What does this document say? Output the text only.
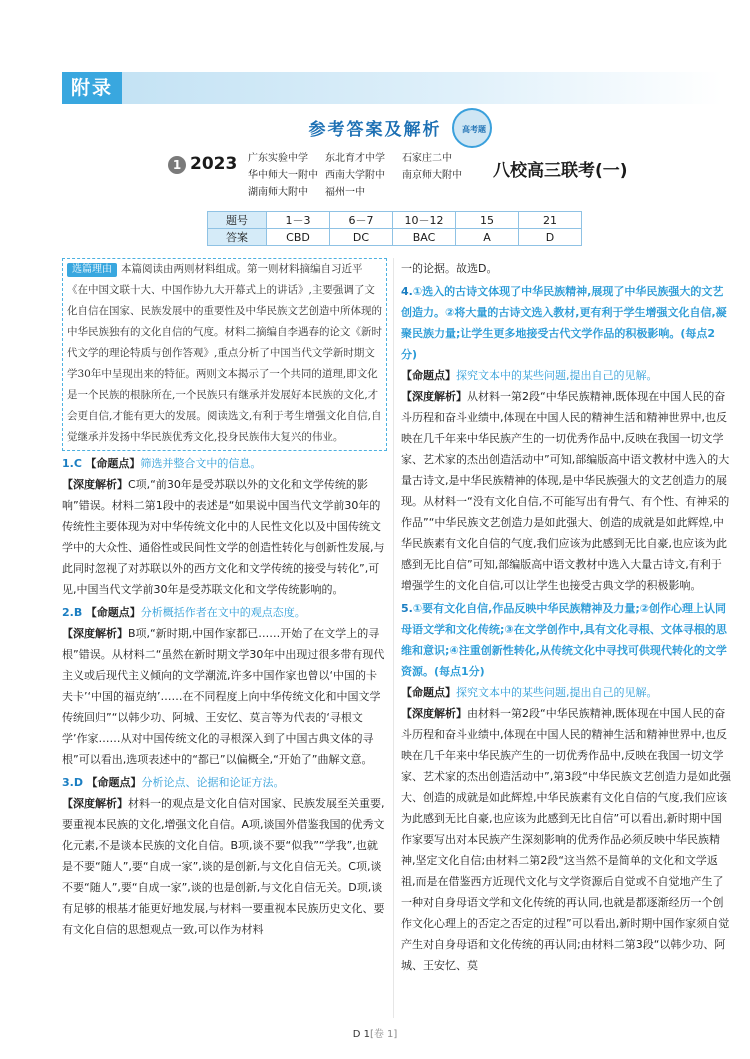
附录
参考答案及解析	高考题
1 2023 广东实验中学	东北育才中学	石家庄二中
华中师大一附中 西南大学附中	南京师大附中
湖南师大附中	福州一中
八校高三联考(一)
题号	1－3	6－7	10－12	15	21
答案	CBD	DC	BAC	A	D
选篇理由 本篇阅读由两则材料组成。第一则材料摘编自习近平《在中国文联十大、中国作协九大开幕式上的讲话》,主要强调了文化自信在国家、民族发展中的重要性及中华民族文艺创造中所体现的中华民族独有的文化自信的气度。材料二摘编自李遇春的论文《新时代文学的理论特质与创作答观》,重点分析了中国当代文学新时期文学30年中呈现出来的特征。两则文本揭示了一个共同的道理,即文化是一个民族的根脉所在,一个民族只有继承并发展好本民族的文化,才会更自信,才能有更大的发展。阅读选文,有利于考生增强文化自信,自觉继承并发扬中华民族优秀文化,投身民族伟大复兴的伟业。

1.C 【命题点】筛选并整合文中的信息。

【深度解析】C项,“前30年是受苏联以外的文化和文学传统的影响”错误。材料二第1段中的表述是“如果说中国当代文学前30年的传统性主要体现为对中华传统文化中的人民性文化以及中国传统文学中的大众性、通俗性或民间性文学的创造性转化与创新性发展,与此同时忽视了对苏联以外的西方文化和文学传统的接受与转化”,可见,中国当代文学前30年是受苏联文化和文学传统影响的。

2.B 【命题点】分析概括作者在文中的观点态度。

【深度解析】B项,“新时期,中国作家都已……开始了在文学上的寻根”错误。从材料二“虽然在新时期文学30年中出现过很多带有现代主义或后现代主义倾向的文学潮流,许多中国作家也曾以‘中国的卡夫卡’‘中国的福克纳’……在不同程度上向中华传统文化和中国文学传统回归”“以韩少功、阿城、王安忆、莫言等为代表的‘寻根文学’作家……从对中国传统文化的寻根深入到了中国古典文体的寻根”可以看出,选项表述中的“都已”以偏概全,“开始了”曲解文意。

3.D 【命题点】分析论点、论据和论证方法。

【深度解析】材料一的观点是文化自信对国家、民族发展至关重要,要重视本民族的文化,增强文化自信。A项,谈国外借鉴我国的优秀文化元素,不是谈本民族的文化自信。B项,谈不要“似我”“学我”,也就是不要“随人”,要“自成一家”,谈的是创新,与文化自信无关。C项,谈不要“随人”,要“自成一家”,谈的也是创新,与文化自信无关。D项,谈有足够的根基才能更好地发展,与材料一要重视本民族历史文化、要有文化自信的思想观点一致,可以作为材料

一的论据。故选D。

4.①选入的古诗文体现了中华民族精神,展现了中华民族强大的文艺创造力。②将大量的古诗文选入教材,更有利于学生增强文化自信,凝聚民族力量;让学生更多地接受古代文学作品的积极影响。(每点2分)

【命题点】探究文本中的某些问题,提出自己的见解。

【深度解析】从材料一第2段“中华民族精神,既体现在中国人民的奋斗历程和奋斗业绩中,体现在中国人民的精神生活和精神世界中,也反映在几千年来中华民族产生的一切优秀作品中,反映在我国一切文学家、艺术家的杰出创造活动中”可知,部编版高中语文教材中选入的大量古诗文,是中华民族精神的体现,是中华民族强大的文艺创造力的展现。从材料一“没有文化自信,不可能写出有骨气、有个性、有神采的作品”“中华民族文艺创造力是如此强大、创造的成就是如此辉煌,中华民族素有文化自信的气度,我们应该为此感到无比自豪,也应该为此感到无比自信”可知,部编版高中语文教材中选入大量古诗文,有利于增强学生的文化自信,可以让学生也接受古典文学的积极影响。

5.①要有文化自信,作品反映中华民族精神及力量;②创作心理上认同母语文学和文化传统;③在文学创作中,具有文化寻根、文体寻根的思维和意识;④注重创新性转化,从传统文化中寻找可供现代转化的文学资源。(每点1分)

【命题点】探究文本中的某些问题,提出自己的见解。

【深度解析】由材料一第2段“中华民族精神,既体现在中国人民的奋斗历程和奋斗业绩中,体现在中国人民的精神生活和精神世界中,也反映在几千年来中华民族产生的一切优秀作品中,反映在我国一切文学家、艺术家的杰出创造活动中”,第3段“中华民族文艺创造力是如此强大、创造的成就是如此辉煌,中华民族素有文化自信的气度,我们应该为此感到无比自豪,也应该为此感到无比自信”可以看出,新时期中国作家要写出对本民族产生深刻影响的优秀作品必须反映中华民族精神,坚定文化自信;由材料二第2段“这当然不是简单的文化和文学返祖,而是在借鉴西方近现代文化与文学资源后自觉或不自觉地产生了一种对自身母语文学和文化传统的再认同,也就是都逐渐经历一个创作文化心理上的否定之否定的过程”可以看出,新时期中国作家须自觉产生对自身母语和文化传统的再认同;由材料二第3段“以韩少功、阿城、王安忆、莫

D 1[卷 1]
